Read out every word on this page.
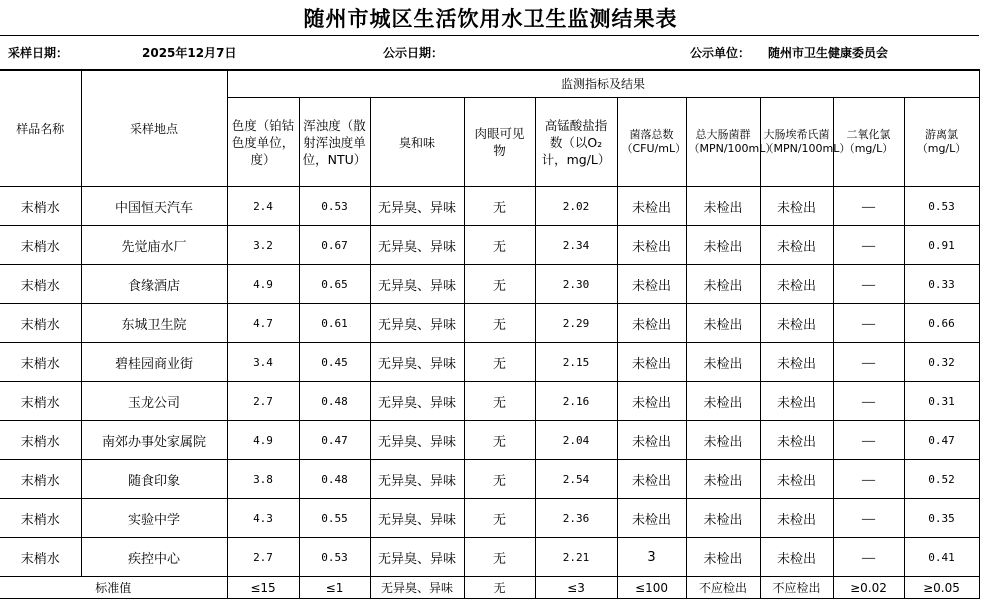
随州市城区生活饮用水卫生监测结果表
采样日期：	2025年12月7日	公示日期：	公示单位： 随州市卫生健康委员会
样品名称	采样地点	监测指标及结果									
		色度（铂钴色度单位，度）	浑浊度（散射浑浊度单位，NTU）	臭和味	肉眼可见物	高锰酸盐指数（以O₂计，mg/L）	菌落总数（CFU/mL）	总大肠菌群（MPN/100mL）	大肠埃希氏菌（MPN/100mL）	二氧化氯（mg/L）	游离氯（mg/L）
末梢水	中国恒天汽车	2.4	0.53	无异臭、异味	无	2.02	未检出	未检出	未检出	——	0.53
末梢水	先觉庙水厂	3.2	0.67	无异臭、异味	无	2.34	未检出	未检出	未检出	——	0.91
末梢水	食缘酒店	4.9	0.65	无异臭、异味	无	2.30	未检出	未检出	未检出	——	0.33
末梢水	东城卫生院	4.7	0.61	无异臭、异味	无	2.29	未检出	未检出	未检出	——	0.66
末梢水	碧桂园商业街	3.4	0.45	无异臭、异味	无	2.15	未检出	未检出	未检出	——	0.32
末梢水	玉龙公司	2.7	0.48	无异臭、异味	无	2.16	未检出	未检出	未检出	——	0.31
末梢水	南郊办事处家属院	4.9	0.47	无异臭、异味	无	2.04	未检出	未检出	未检出	——	0.47
末梢水	随食印象	3.8	0.48	无异臭、异味	无	2.54	未检出	未检出	未检出	——	0.52
末梢水	实验中学	4.3	0.55	无异臭、异味	无	2.36	未检出	未检出	未检出	——	0.35
末梢水	疾控中心	2.7	0.53	无异臭、异味	无	2.21	3	未检出	未检出	——	0.41
标准值		≤15	≤1	无异臭、异味	无	≤3	≤100	不应检出	不应检出	≥0.02	≥0.05
